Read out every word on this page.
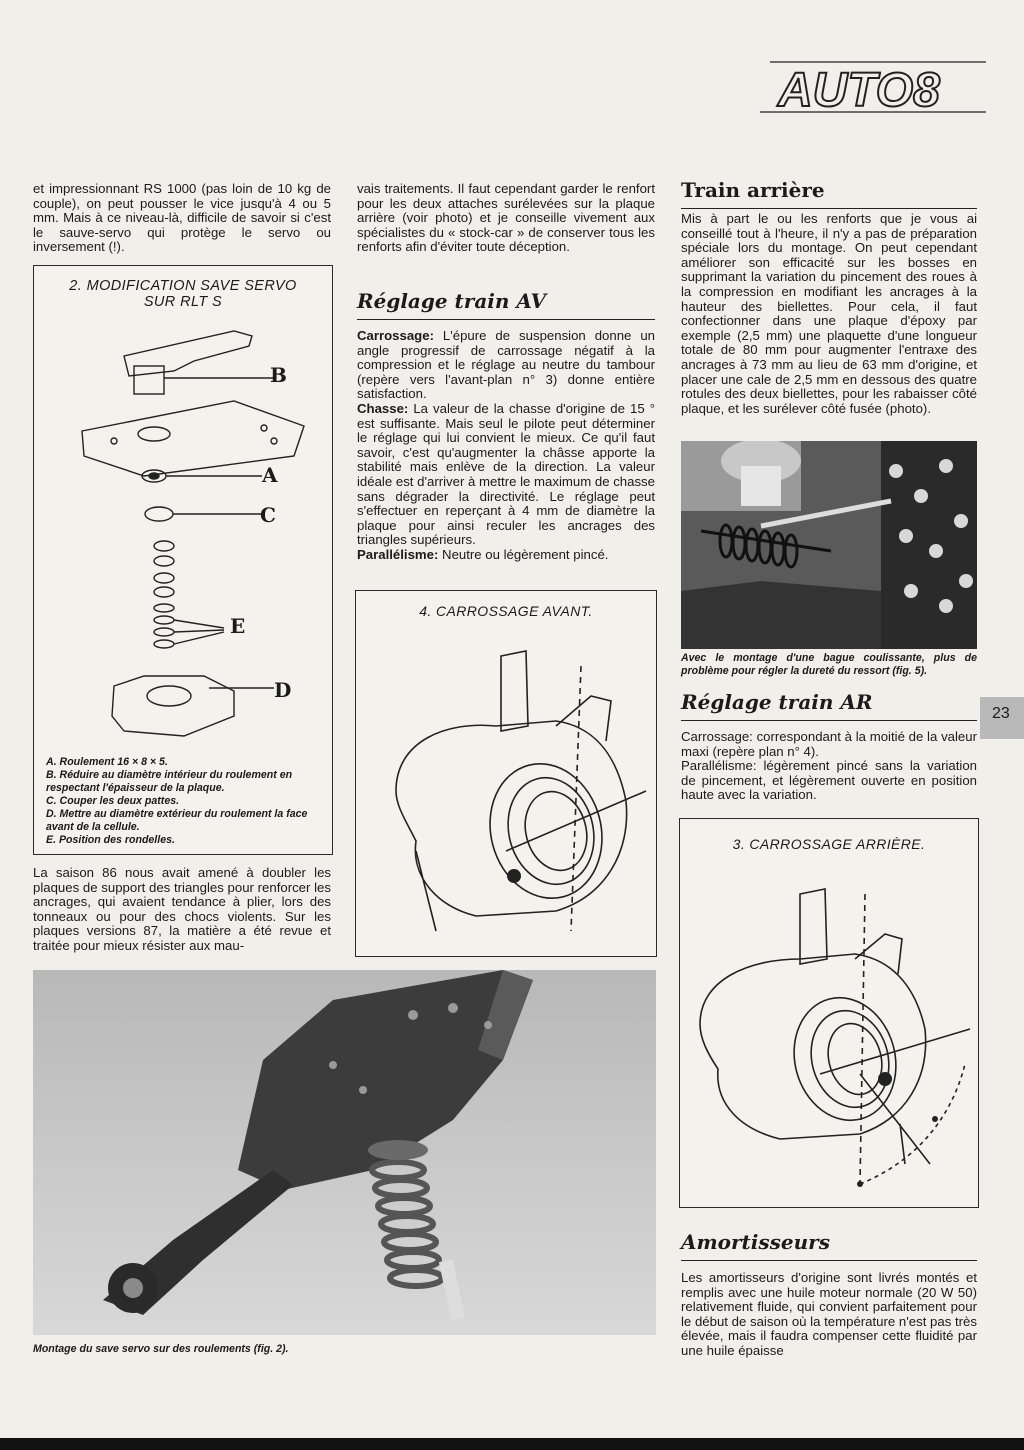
AUTO8

et impressionnant RS 1000 (pas loin de 10 kg de couple), on peut pousser le vice jusqu'à 4 ou 5 mm. Mais à ce niveau-là, difficile de savoir si c'est le sauve-servo qui protège le servo ou inversement (!).

2. MODIFICATION SAVE SERVO
SUR RLT S
B
A
C
E
D
A. Roulement 16 × 8 × 5.
B. Réduire au diamètre intérieur du roulement en respectant l'épaisseur de la plaque.
C. Couper les deux pattes.
D. Mettre au diamètre extérieur du roulement la face avant de la cellule.
E. Position des rondelles.

La saison 86 nous avait amené à doubler les plaques de support des triangles pour renforcer les ancrages, qui avaient tendance à plier, lors des tonneaux ou pour des chocs violents. Sur les plaques versions 87, la matière a été revue et traitée pour mieux résister aux mau-

vais traitements. Il faut cependant garder le renfort pour les deux attaches surélevées sur la plaque arrière (voir photo) et je conseille vivement aux spécialistes du « stock-car » de conserver tous les renforts afin d'éviter toute déception.

Réglage train AV

Carrossage: L'épure de suspension donne un angle progressif de carrossage négatif à la compression et le réglage au neutre du tambour (repère vers l'avant-plan n° 3) donne entière satisfaction.

Chasse: La valeur de la chasse d'origine de 15 ° est suffisante. Mais seul le pilote peut déterminer le réglage qui lui convient le mieux. Ce qu'il faut savoir, c'est qu'augmenter la châsse apporte la stabilité mais enlève de la direction. La valeur idéale est d'arriver à mettre le maximum de chasse sans dégrader la directivité. Le réglage peut s'effectuer en reperçant à 4 mm de diamètre la plaque pour ainsi reculer les ancrages des triangles supérieurs.

Parallélisme: Neutre ou légèrement pincé.

4. CARROSSAGE AVANT.
Train arrière

Mis à part le ou les renforts que je vous ai conseillé tout à l'heure, il n'y a pas de préparation spéciale lors du montage. On peut cependant améliorer son efficacité sur les bosses en supprimant la variation du pincement des roues à la compression en modifiant les ancrages à la hauteur des biellettes. Pour cela, il faut confectionner dans une plaque d'époxy par exemple (2,5 mm) une plaquette d'une longueur totale de 80 mm pour augmenter l'entraxe des ancrages à 73 mm au lieu de 63 mm d'origine, et placer une cale de 2,5 mm en dessous des quatre rotules des deux biellettes, pour les rabaisser côté plaque, et les surélever côté fusée (photo).

Avec le montage d'une bague coulissante, plus de problème pour régler la dureté du ressort (fig. 5).
Réglage train AR

Carrossage: correspondant à la moitié de la valeur maxi (repère plan n° 4).

Parallélisme: légèrement pincé sans la variation de pincement, et légèrement ouverte en position haute avec la variation.

3. CARROSSAGE ARRIÈRE.
Amortisseurs

Les amortisseurs d'origine sont livrés montés et remplis avec une huile moteur normale (20 W 50) relativement fluide, qui convient parfaitement pour le début de saison où la température n'est pas très élevée, mais il faudra compenser cette fluidité par une huile épaisse

23
Montage du save servo sur des roulements (fig. 2).
